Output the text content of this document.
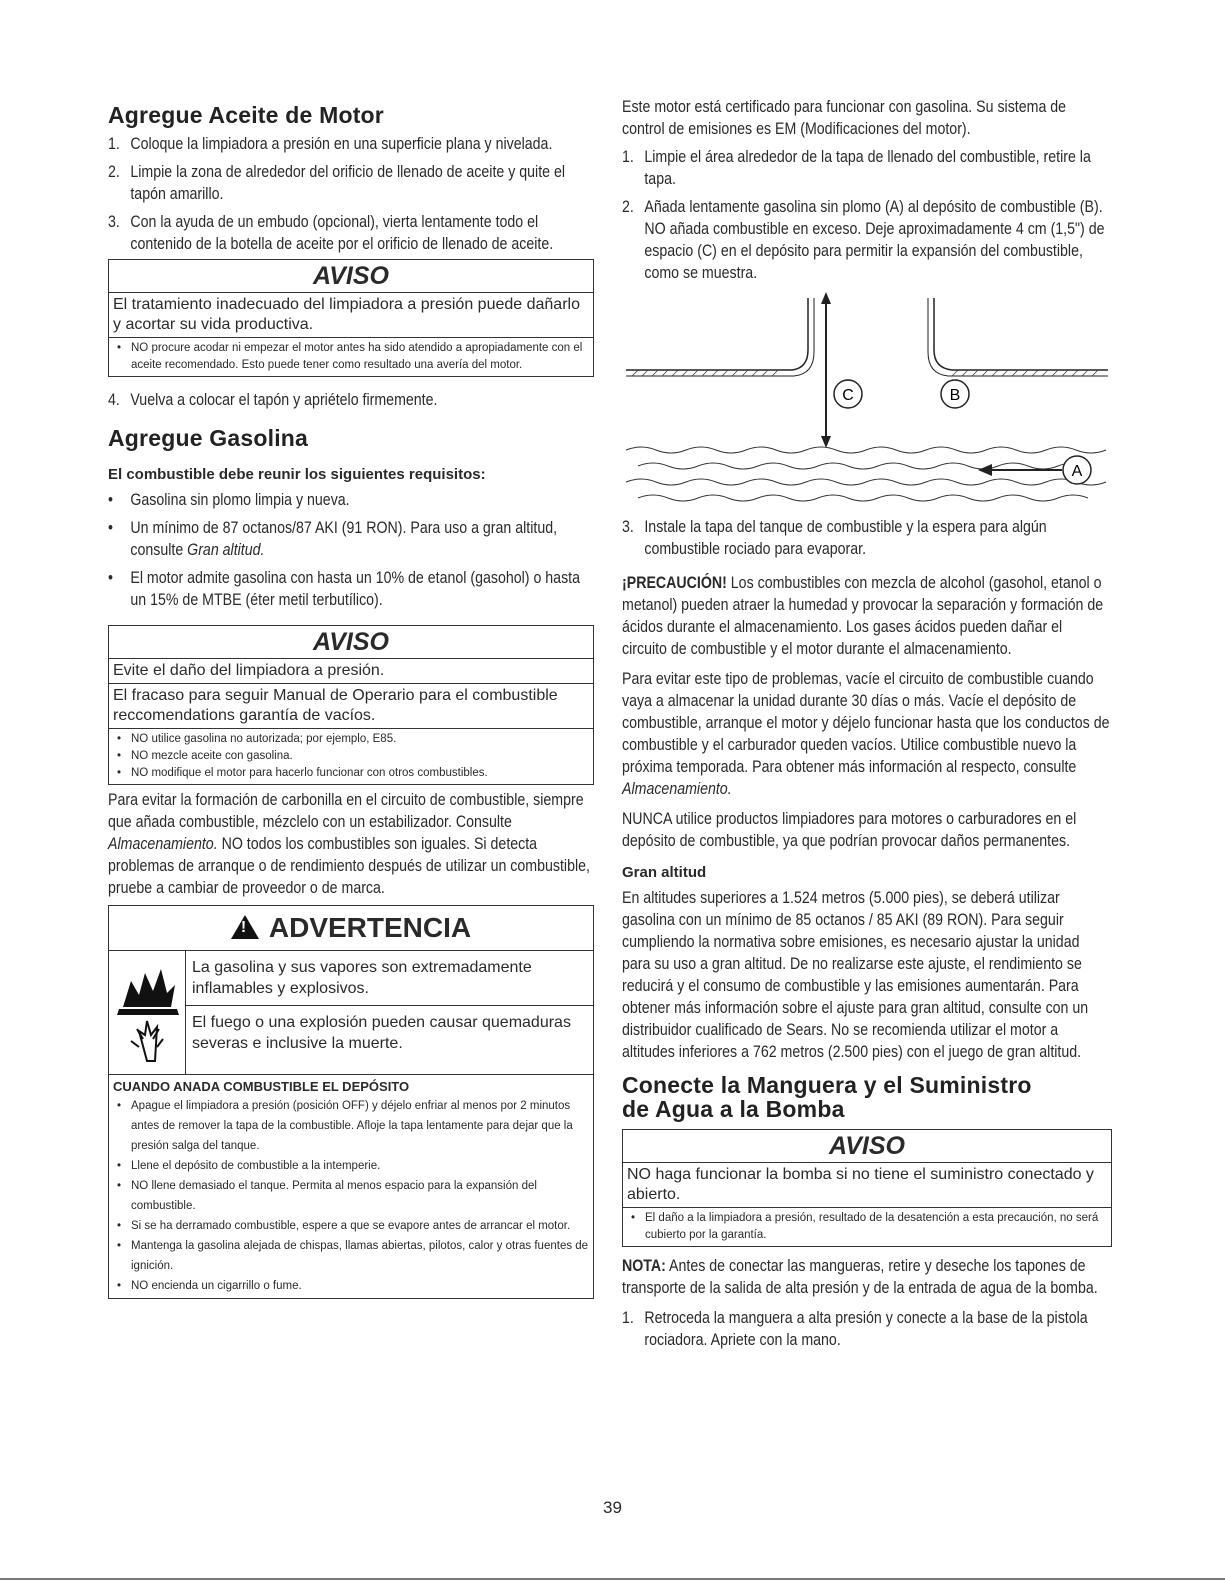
Agregue Aceite de Motor
1. Coloque la limpiadora a presión en una superficie plana y nivelada.
2. Limpie la zona de alrededor del orificio de llenado de aceite y quite el tapón amarillo.
3. Con la ayuda de un embudo (opcional), vierta lentamente todo el contenido de la botella de aceite por el orificio de llenado de aceite.
AVISO
El tratamiento inadecuado del limpiadora a presión puede dañarlo y acortar su vida productiva.
• NO procure acodar ni empezar el motor antes ha sido atendido a apropiadamente con el aceite recomendado. Esto puede tener como resultado una avería del motor.
4. Vuelva a colocar el tapón y apriételo firmemente.
Agregue Gasolina
El combustible debe reunir los siguientes requisitos:
•	Gasolina sin plomo limpia y nueva.
•	Un mínimo de 87 octanos/87 AKI (91 RON). Para uso a gran altitud, consulte Gran altitud.
•	El motor admite gasolina con hasta un 10% de etanol (gasohol) o hasta un 15% de MTBE (éter metil terbutílico).
AVISO
Evite el daño del limpiadora a presión.
El fracaso para seguir Manual de Operario para el combustible reccomendations garantía de vacíos.
• NO utilice gasolina no autorizada; por ejemplo, E85.
• NO mezcle aceite con gasolina.
• NO modifique el motor para hacerlo funcionar con otros combustibles.
Para evitar la formación de carbonilla en el circuito de combustible, siempre que añada combustible, mézclelo con un estabilizador. Consulte Almacenamiento. NO todos los combustibles son iguales. Si detecta problemas de arranque o de rendimiento después de utilizar un combustible, pruebe a cambiar de proveedor o de marca.
! ADVERTENCIA
La gasolina y sus vapores son extremadamente inflamables y explosivos.
El fuego o una explosión pueden causar quemaduras severas e inclusive la muerte.
CUANDO ANADA COMBUSTIBLE EL DEPÓSITO
• Apague el limpiadora a presión (posición OFF) y déjelo enfriar al menos por 2 minutos antes de remover la tapa de la combustible. Afloje la tapa lentamente para dejar que la presión salga del tanque.
• Llene el depósito de combustible a la intemperie.
• NO llene demasiado el tanque. Permita al menos espacio para la expansión del combustible.
• Si se ha derramado combustible, espere a que se evapore antes de arrancar el motor.
• Mantenga la gasolina alejada de chispas, llamas abiertas, pilotos, calor y otras fuentes de ignición.
• NO encienda un cigarrillo o fume.
Este motor está certificado para funcionar con gasolina. Su sistema de control de emisiones es EM (Modificaciones del motor).
1. Limpie el área alrededor de la tapa de llenado del combustible, retire la tapa.
2. Añada lentamente gasolina sin plomo (A) al depósito de combustible (B). NO añada combustible en exceso. Deje aproximadamente 4 cm (1,5") de espacio (C) en el depósito para permitir la expansión del combustible, como se muestra.
C	B
A
3. Instale la tapa del tanque de combustible y la espera para algún combustible rociado para evaporar.
¡PRECAUCIÓN! Los combustibles con mezcla de alcohol (gasohol, etanol o metanol) pueden atraer la humedad y provocar la separación y formación de ácidos durante el almacenamiento. Los gases ácidos pueden dañar el circuito de combustible y el motor durante el almacenamiento.
Para evitar este tipo de problemas, vacíe el circuito de combustible cuando vaya a almacenar la unidad durante 30 días o más. Vacíe el depósito de combustible, arranque el motor y déjelo funcionar hasta que los conductos de combustible y el carburador queden vacíos. Utilice combustible nuevo la próxima temporada. Para obtener más información al respecto, consulte Almacenamiento.
NUNCA utilice productos limpiadores para motores o carburadores en el depósito de combustible, ya que podrían provocar daños permanentes.
Gran altitud
En altitudes superiores a 1.524 metros (5.000 pies), se deberá utilizar gasolina con un mínimo de 85 octanos / 85 AKI (89 RON). Para seguir cumpliendo la normativa sobre emisiones, es necesario ajustar la unidad para su uso a gran altitud. De no realizarse este ajuste, el rendimiento se reducirá y el consumo de combustible y las emisiones aumentarán. Para obtener más información sobre el ajuste para gran altitud, consulte con un distribuidor cualificado de Sears. No se recomienda utilizar el motor a altitudes inferiores a 762 metros (2.500 pies) con el juego de gran altitud.
Conecte la Manguera y el Suministro
de Agua a la Bomba
AVISO
NO haga funcionar la bomba si no tiene el suministro conectado y abierto.
• El daño a la limpiadora a presión, resultado de la desatención a esta precaución, no será cubierto por la garantía.
NOTA: Antes de conectar las mangueras, retire y deseche los tapones de transporte de la salida de alta presión y de la entrada de agua de la bomba.
1. Retroceda la manguera a alta presión y conecte a la base de la pistola rociadora. Apriete con la mano.
39
